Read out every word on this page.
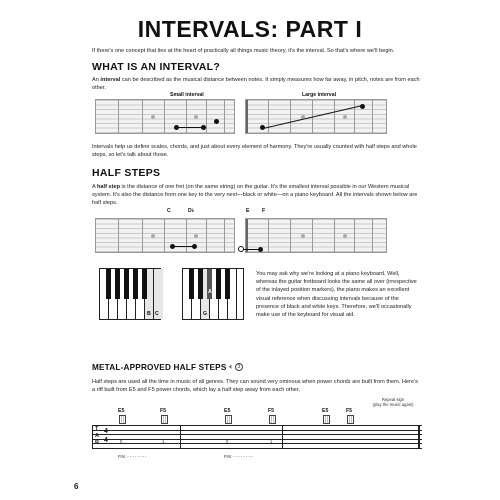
INTERVALS: PART I
If there's one concept that lies at the heart of practically all things music theory, it's the interval. So that's where we'll begin.
WHAT IS AN INTERVAL?
An interval can be described as the musical distance between notes. It simply measures how far away, in pitch, notes are from each other.
Small interval	Large interval
Intervals help us define scales, chords, and just about every element of harmony. They're usually counted with half steps and whole steps, so let's talk about those.
HALF STEPS
A half step is the distance of one fret (on the same string) on the guitar. It's the smallest interval possible in our Western musical system. It's also the distance from one key to the very next—black or white—on a piano keyboard. All the intervals shown below are half steps.
C	D♭	E F
B C
A♭
G
You may ask why we're looking at a piano keyboard. Well, whereas the guitar fretboard looks the same all over (irrespective of the inlayed position markers), the piano makes an excellent visual reference when discussing intervals because of the presence of black and white keys. Therefore, we'll occasionally make use of the keyboard for visual aid.
METAL-APPROVED HALF STEPS 🔈︎ 3
Half steps are used all the time in music of all genres. They can sound very ominous when power chords are built from them. Here's a riff built from E5 and F5 power chords, which lay a half step away from each other.
Repeat sign
(play the music again)
E5	F5	E5	F5	E5	F5
T
A
B
4
4	0	1	0	1
P.M. - - - - - - - -	P.M. - - - - - - - -
6
